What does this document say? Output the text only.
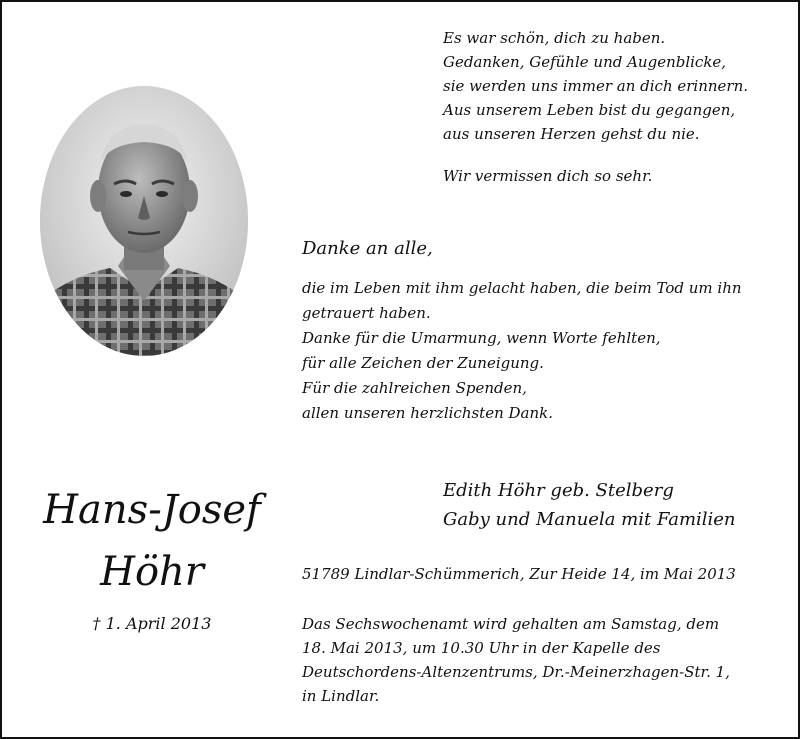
Es war schön, dich zu haben.
Gedanken, Gefühle und Augenblicke,
sie werden uns immer an dich erinnern.
Aus unserem Leben bist du gegangen,
aus unseren Herzen gehst du nie.
Wir vermissen dich so sehr.
Danke an alle,
die im Leben mit ihm gelacht haben, die beim Tod um ihn
getrauert haben.
Danke für die Umarmung, wenn Worte fehlten,
für alle Zeichen der Zuneigung.
Für die zahlreichen Spenden,
allen unseren herzlichsten Dank.
Edith Höhr geb. Stelberg
Gaby und Manuela mit Familien
Hans-Josef
Höhr
† 1. April 2013
51789 Lindlar-Schümmerich, Zur Heide 14, im Mai 2013
Das Sechswochenamt wird gehalten am Samstag, dem
18. Mai 2013, um 10.30 Uhr in der Kapelle des
Deutschordens-Altenzentrums, Dr.-Meinerzhagen-Str. 1,
in Lindlar.
